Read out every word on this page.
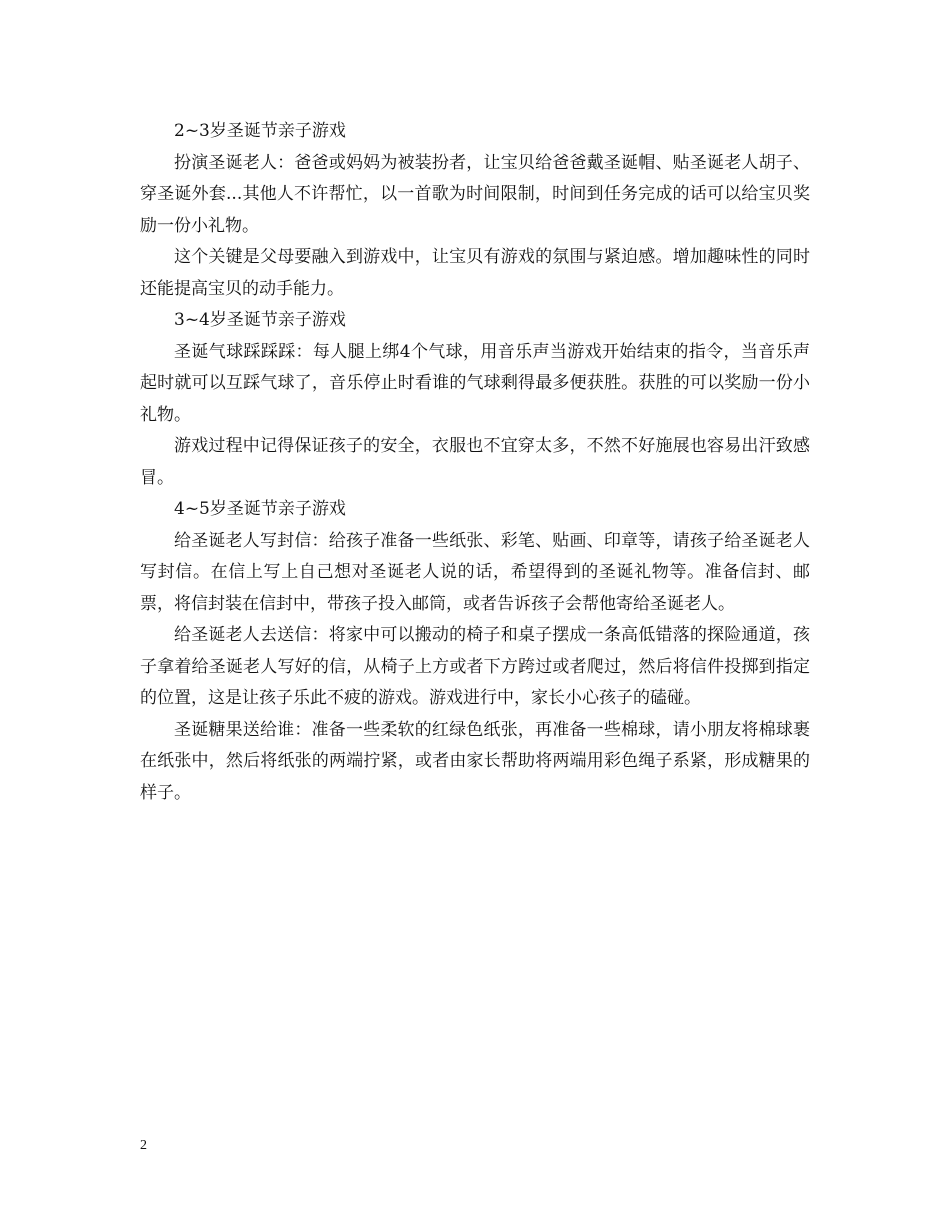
2~3岁圣诞节亲子游戏

扮演圣诞老人：爸爸或妈妈为被装扮者，让宝贝给爸爸戴圣诞帽、贴圣诞老人胡子、穿圣诞外套...其他人不许帮忙，以一首歌为时间限制，时间到任务完成的话可以给宝贝奖励一份小礼物。

这个关键是父母要融入到游戏中，让宝贝有游戏的氛围与紧迫感。增加趣味性的同时还能提高宝贝的动手能力。

3~4岁圣诞节亲子游戏

圣诞气球踩踩踩：每人腿上绑4个气球，用音乐声当游戏开始结束的指令，当音乐声起时就可以互踩气球了，音乐停止时看谁的气球剩得最多便获胜。获胜的可以奖励一份小礼物。

游戏过程中记得保证孩子的安全，衣服也不宜穿太多，不然不好施展也容易出汗致感冒。

4~5岁圣诞节亲子游戏

给圣诞老人写封信：给孩子准备一些纸张、彩笔、贴画、印章等，请孩子给圣诞老人写封信。在信上写上自己想对圣诞老人说的话，希望得到的圣诞礼物等。准备信封、邮票，将信封装在信封中，带孩子投入邮筒，或者告诉孩子会帮他寄给圣诞老人。

给圣诞老人去送信：将家中可以搬动的椅子和桌子摆成一条高低错落的探险通道，孩子拿着给圣诞老人写好的信，从椅子上方或者下方跨过或者爬过，然后将信件投掷到指定的位置，这是让孩子乐此不疲的游戏。游戏进行中，家长小心孩子的磕碰。

圣诞糖果送给谁：准备一些柔软的红绿色纸张，再准备一些棉球，请小朋友将棉球裹在纸张中，然后将纸张的两端拧紧，或者由家长帮助将两端用彩色绳子系紧，形成糖果的样子。

2
